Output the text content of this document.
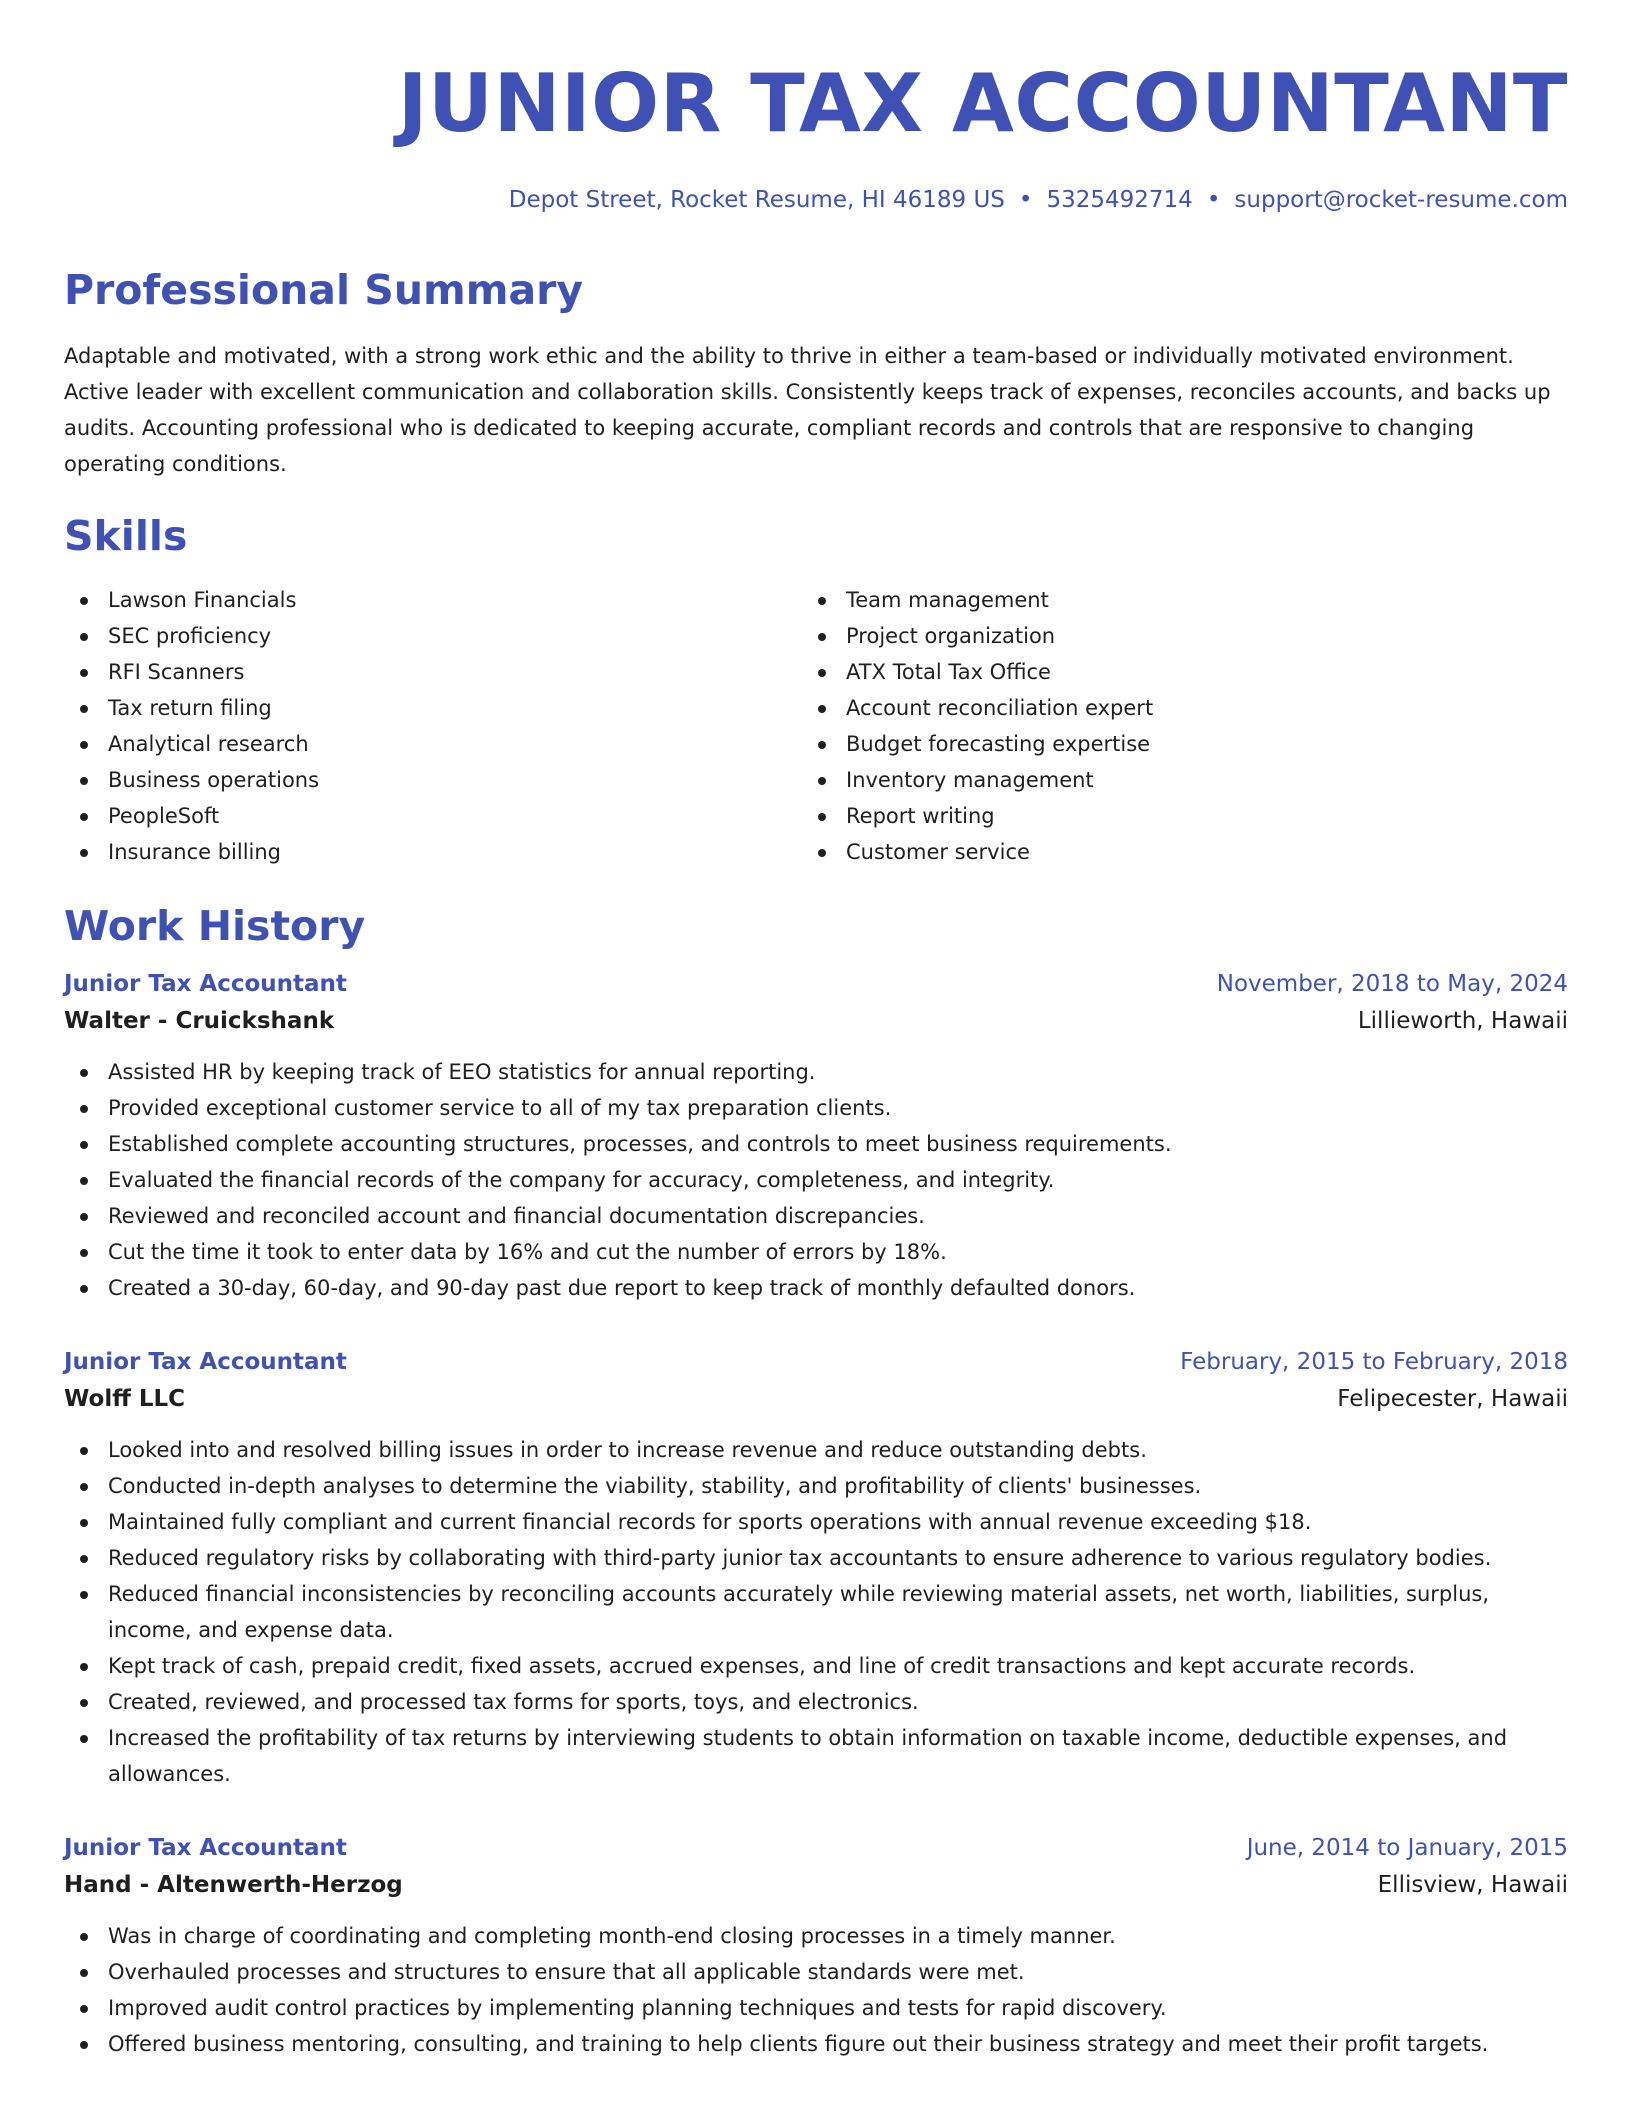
JUNIOR TAX ACCOUNTANT
Depot Street, Rocket Resume, HI 46189 US • 5325492714 • support@rocket-resume.com
Professional Summary

Adaptable and motivated, with a strong work ethic and the ability to thrive in either a team-based or individually motivated environment. Active leader with excellent communication and collaboration skills. Consistently keeps track of expenses, reconciles accounts, and backs up audits. Accounting professional who is dedicated to keeping accurate, compliant records and controls that are responsive to changing operating conditions.

Skills
Lawson Financials
SEC proficiency
RFI Scanners
Tax return filing
Analytical research
Business operations
PeopleSoft
Insurance billing
Team management
Project organization
ATX Total Tax Office
Account reconciliation expert
Budget forecasting expertise
Inventory management
Report writing
Customer service
Work History
Junior Tax Accountant	November, 2018 to May, 2024
Walter - Cruickshank	Lillieworth, Hawaii
Assisted HR by keeping track of EEO statistics for annual reporting.
Provided exceptional customer service to all of my tax preparation clients.
Established complete accounting structures, processes, and controls to meet business requirements.
Evaluated the financial records of the company for accuracy, completeness, and integrity.
Reviewed and reconciled account and financial documentation discrepancies.
Cut the time it took to enter data by 16% and cut the number of errors by 18%.
Created a 30-day, 60-day, and 90-day past due report to keep track of monthly defaulted donors.
Junior Tax Accountant	February, 2015 to February, 2018
Wolff LLC	Felipecester, Hawaii
Looked into and resolved billing issues in order to increase revenue and reduce outstanding debts.
Conducted in-depth analyses to determine the viability, stability, and profitability of clients' businesses.
Maintained fully compliant and current financial records for sports operations with annual revenue exceeding $18.
Reduced regulatory risks by collaborating with third-party junior tax accountants to ensure adherence to various regulatory bodies.
Reduced financial inconsistencies by reconciling accounts accurately while reviewing material assets, net worth, liabilities, surplus, income, and expense data.
Kept track of cash, prepaid credit, fixed assets, accrued expenses, and line of credit transactions and kept accurate records.
Created, reviewed, and processed tax forms for sports, toys, and electronics.
Increased the profitability of tax returns by interviewing students to obtain information on taxable income, deductible expenses, and allowances.
Junior Tax Accountant	June, 2014 to January, 2015
Hand - Altenwerth-Herzog	Ellisview, Hawaii
Was in charge of coordinating and completing month-end closing processes in a timely manner.
Overhauled processes and structures to ensure that all applicable standards were met.
Improved audit control practices by implementing planning techniques and tests for rapid discovery.
Offered business mentoring, consulting, and training to help clients figure out their business strategy and meet their profit targets.
